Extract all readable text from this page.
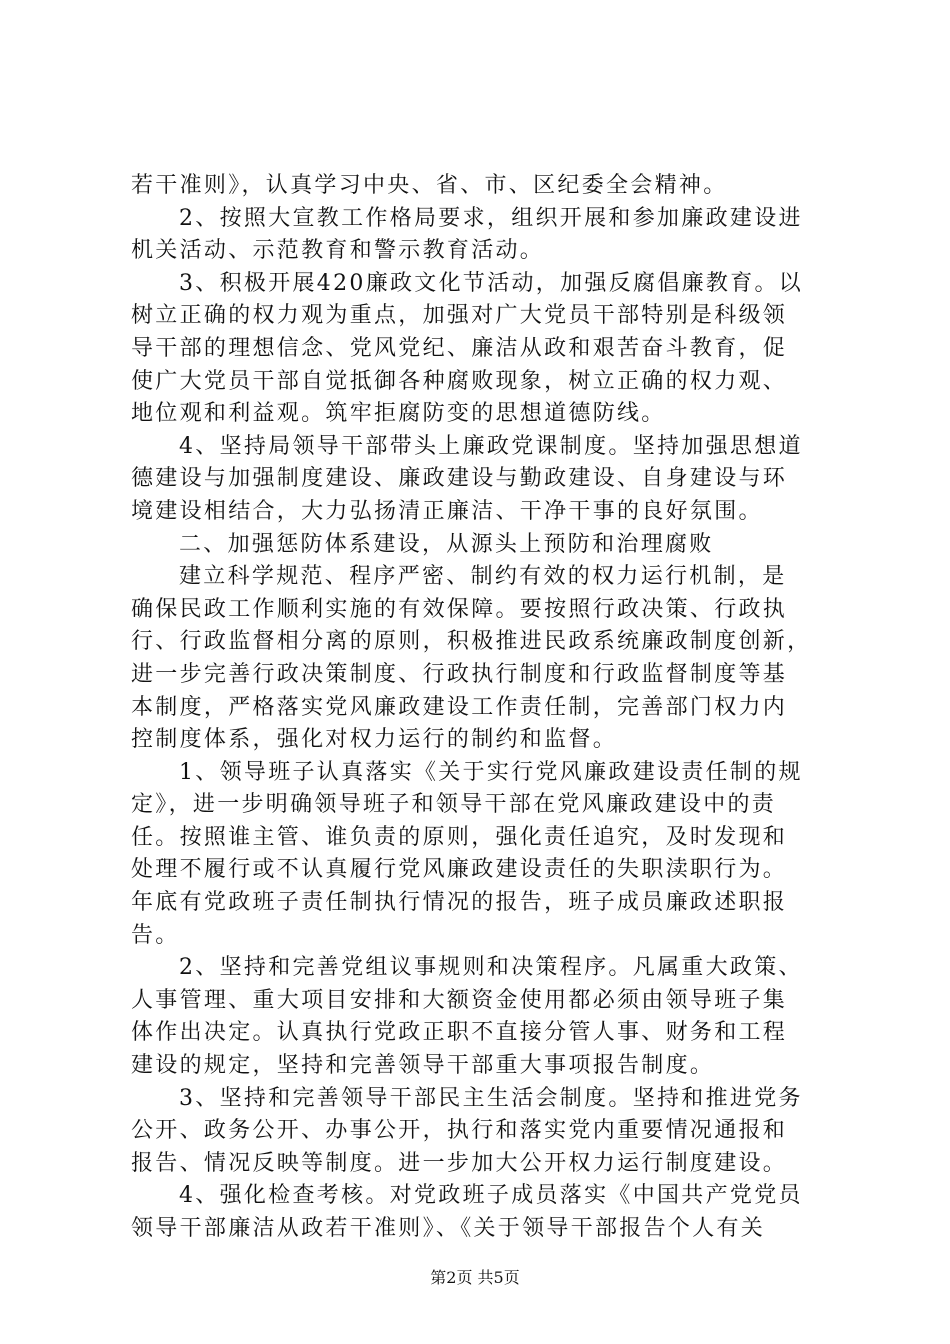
若干准则》，认真学习中央、省、市、区纪委全会精神。
2、按照大宣教工作格局要求，组织开展和参加廉政建设进
机关活动、示范教育和警示教育活动。
3、积极开展420廉政文化节活动，加强反腐倡廉教育。以
树立正确的权力观为重点，加强对广大党员干部特别是科级领
导干部的理想信念、党风党纪、廉洁从政和艰苦奋斗教育，促
使广大党员干部自觉抵御各种腐败现象，树立正确的权力观、
地位观和利益观。筑牢拒腐防变的思想道德防线。
4、坚持局领导干部带头上廉政党课制度。坚持加强思想道
德建设与加强制度建设、廉政建设与勤政建设、自身建设与环
境建设相结合，大力弘扬清正廉洁、干净干事的良好氛围。
二、加强惩防体系建设，从源头上预防和治理腐败
建立科学规范、程序严密、制约有效的权力运行机制，是
确保民政工作顺利实施的有效保障。要按照行政决策、行政执
行、行政监督相分离的原则，积极推进民政系统廉政制度创新，
进一步完善行政决策制度、行政执行制度和行政监督制度等基
本制度，严格落实党风廉政建设工作责任制，完善部门权力内
控制度体系，强化对权力运行的制约和监督。
1、领导班子认真落实《关于实行党风廉政建设责任制的规
定》，进一步明确领导班子和领导干部在党风廉政建设中的责
任。按照谁主管、谁负责的原则，强化责任追究，及时发现和
处理不履行或不认真履行党风廉政建设责任的失职渎职行为。
年底有党政班子责任制执行情况的报告，班子成员廉政述职报
告。
2、坚持和完善党组议事规则和决策程序。凡属重大政策、
人事管理、重大项目安排和大额资金使用都必须由领导班子集
体作出决定。认真执行党政正职不直接分管人事、财务和工程
建设的规定，坚持和完善领导干部重大事项报告制度。
3、坚持和完善领导干部民主生活会制度。坚持和推进党务
公开、政务公开、办事公开，执行和落实党内重要情况通报和
报告、情况反映等制度。进一步加大公开权力运行制度建设。
4、强化检查考核。对党政班子成员落实《中国共产党党员
领导干部廉洁从政若干准则》、《关于领导干部报告个人有关
第2页 共5页
